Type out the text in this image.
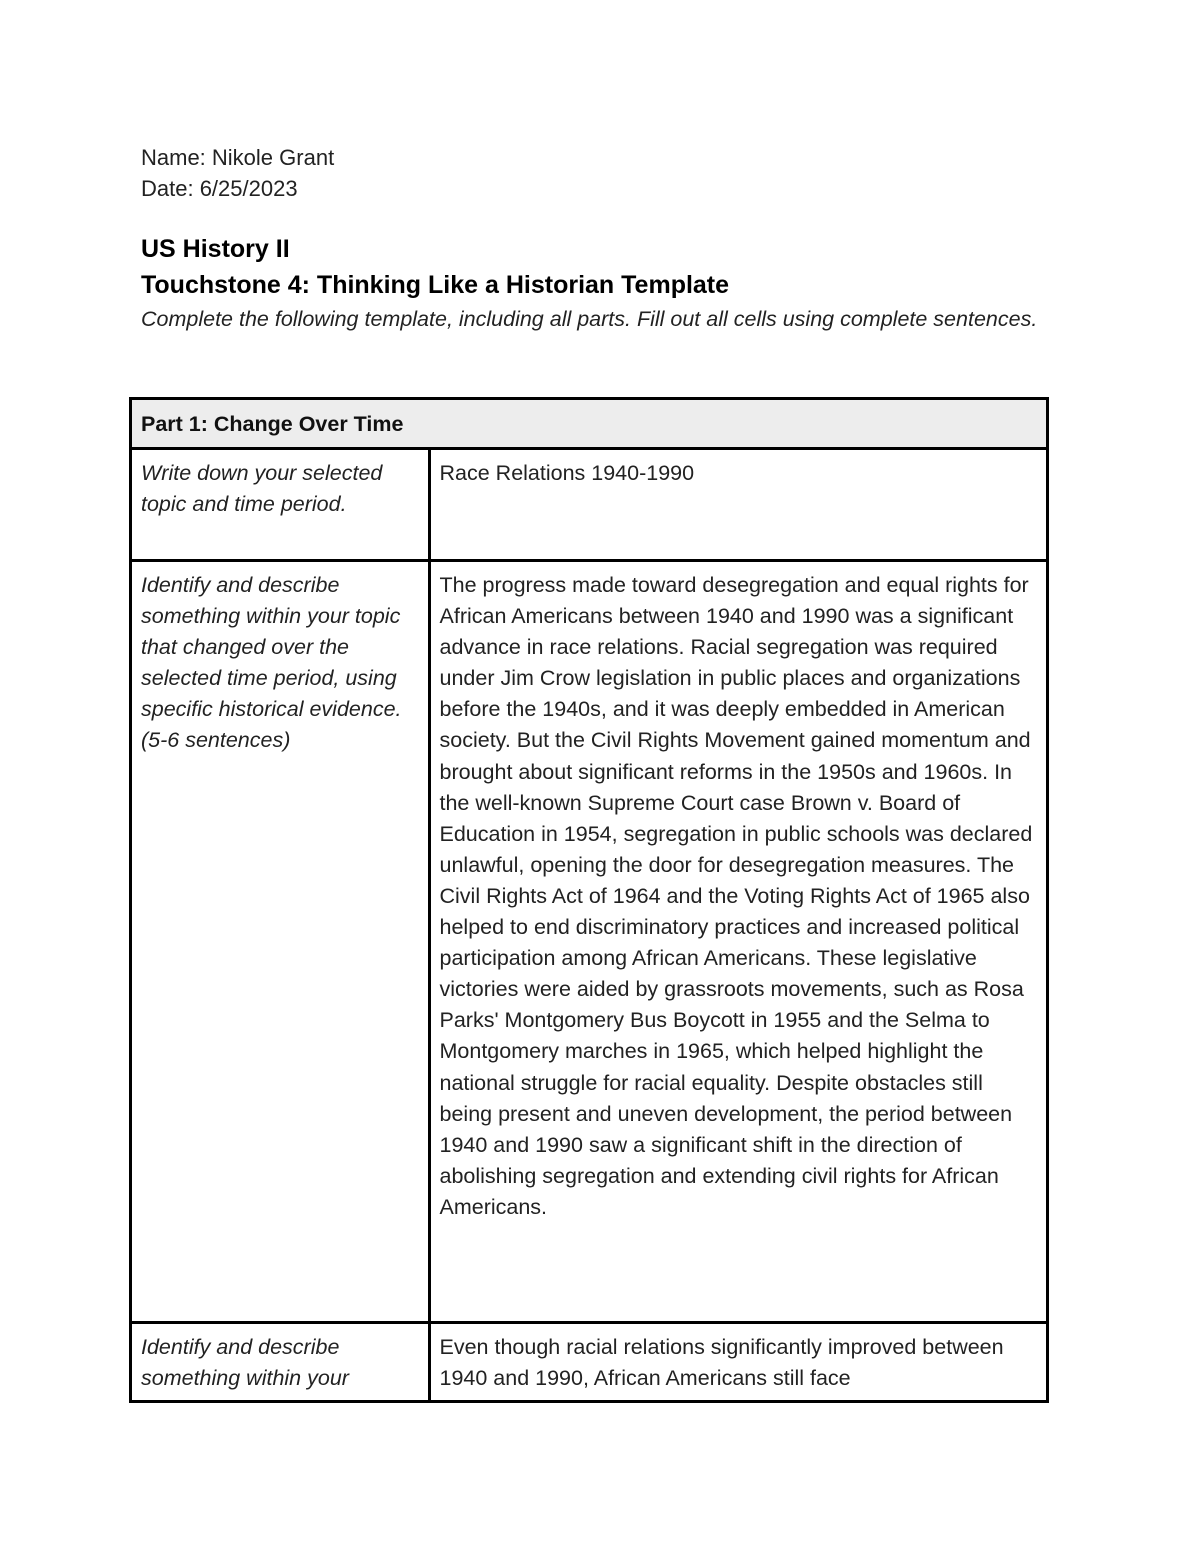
Name: Nikole Grant
Date: 6/25/2023
US History II
Touchstone 4: Thinking Like a Historian Template
Complete the following template, including all parts. Fill out all cells using complete sentences.
Part 1: Change Over Time	
Write down your selected topic and time period.	Race Relations 1940-1990
Identify and describe something within your topic that changed over the selected time period, using specific historical evidence. (5-6 sentences)	The progress made toward desegregation and equal rights for African Americans between 1940 and 1990 was a significant advance in race relations. Racial segregation was required under Jim Crow legislation in public places and organizations before the 1940s, and it was deeply embedded in American society. But the Civil Rights Movement gained momentum and brought about significant reforms in the 1950s and 1960s. In the well-known Supreme Court case Brown v. Board of Education in 1954, segregation in public schools was declared unlawful, opening the door for desegregation measures. The Civil Rights Act of 1964 and the Voting Rights Act of 1965 also helped to end discriminatory practices and increased political participation among African Americans. These legislative victories were aided by grassroots movements, such as Rosa Parks' Montgomery Bus Boycott in 1955 and the Selma to Montgomery marches in 1965, which helped highlight the national struggle for racial equality. Despite obstacles still being present and uneven development, the period between 1940 and 1990 saw a significant shift in the direction of abolishing segregation and extending civil rights for African Americans.
Identify and describe something within your	Even though racial relations significantly improved between 1940 and 1990, African Americans still face
